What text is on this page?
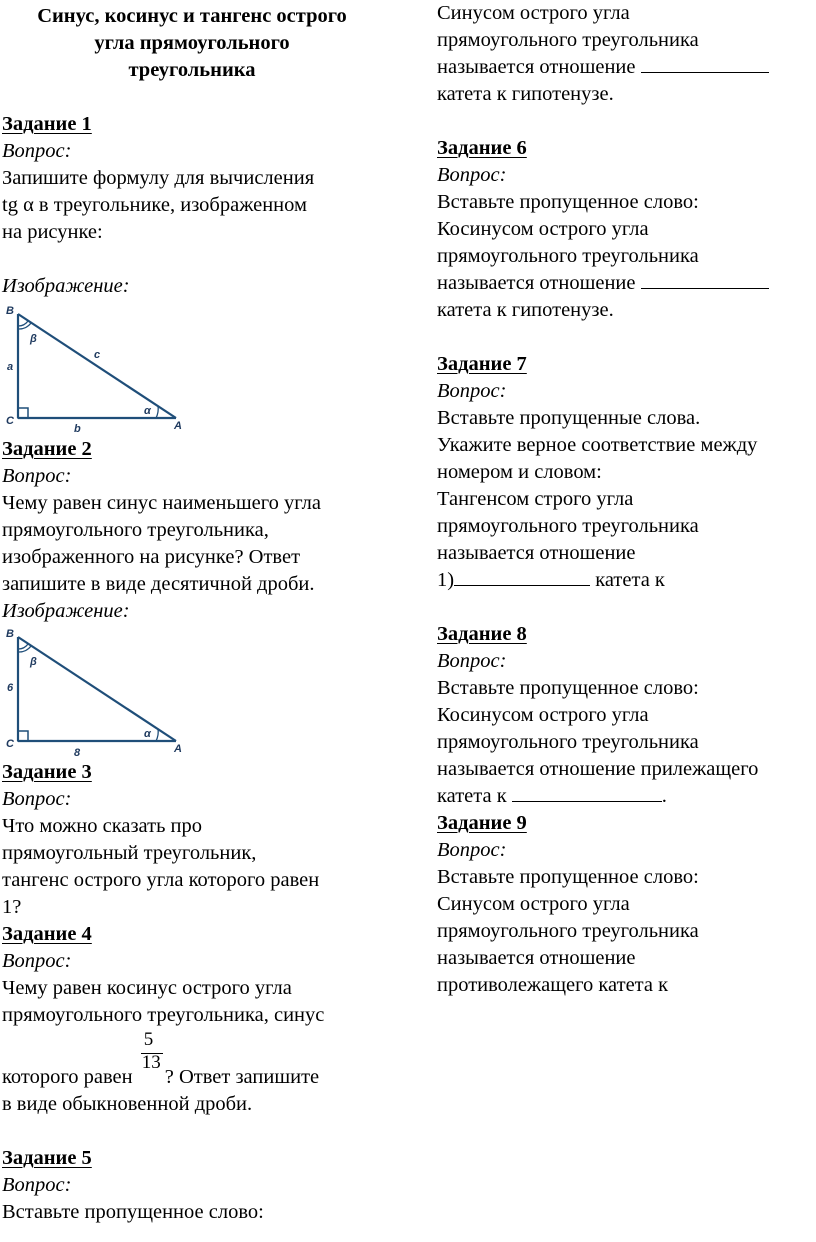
Синус, косинус и тангенс острого
угла прямоугольного
треугольника
Задание 1
Вопрос:
Запишите формулу для вычисления
tg α в треугольнике, изображенном
на рисунке:
Изображение:
B
C	A
a
b
c
α
β
Задание 2
Вопрос:
Чему равен синус наименьшего угла
прямоугольного треугольника,
изображенного на рисунке? Ответ
запишите в виде десятичной дроби.
Изображение:
B
C	A
6
8
α
β
Задание 3
Вопрос:
Что можно сказать про
прямоугольный треугольник,
тангенс острого угла которого равен
1?
Задание 4
Вопрос:
Чему равен косинус острого угла
прямоугольного треугольника, синус
которого равен $\frac{5}{13}$ ? Ответ запишите
в виде обыкновенной дроби.
Задание 5
Вопрос:
Вставьте пропущенное слово:
Синусом острого угла
прямоугольного треугольника
называется отношение
катета к гипотенузе.
Задание 6
Вопрос:
Вставьте пропущенное слово:
Косинусом острого угла
прямоугольного треугольника
называется отношение
катета к гипотенузе.
Задание 7
Вопрос:
Вставьте пропущенные слова.
Укажите верное соответствие между
номером и словом:
Тангенсом строго угла
прямоугольного треугольника
называется отношение
1)	катета к
Задание 8
Вопрос:
Вставьте пропущенное слово:
Косинусом острого угла
прямоугольного треугольника
называется отношение прилежащего
катета к	.
Задание 9
Вопрос:
Вставьте пропущенное слово:
Синусом острого угла
прямоугольного треугольника
называется отношение
противолежащего катета к
